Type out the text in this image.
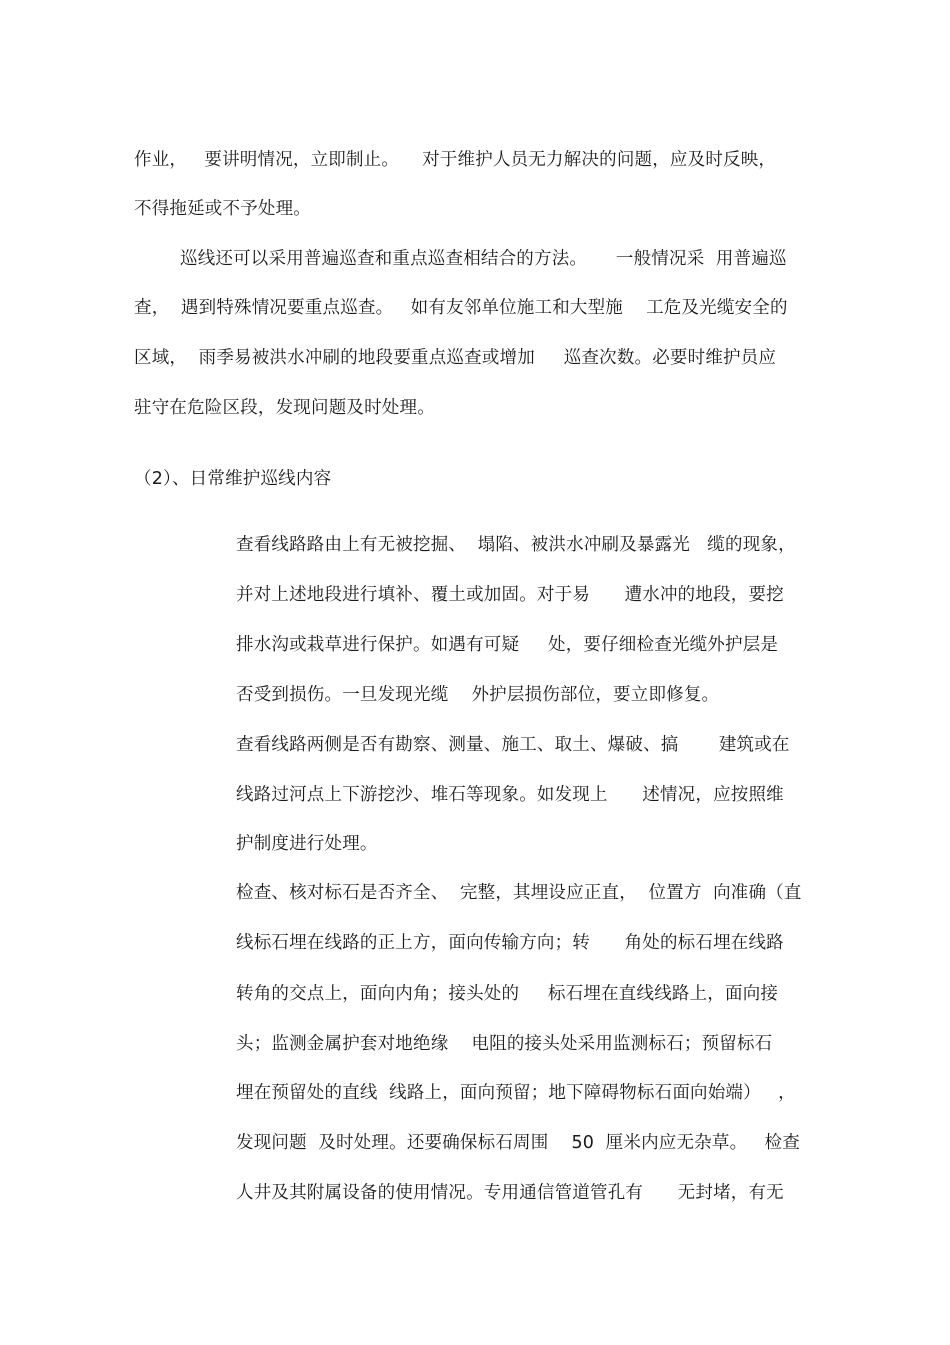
作业，   要讲明情况，立即制止。    对于维护人员无力解决的问题，应及时反映，
不得拖延或不予处理。
巡线还可以采用普遍巡查和重点巡查相结合的方法。     一般情况采  用普遍巡
查，  遇到特殊情况要重点巡查。   如有友邻单位施工和大型施    工危及光缆安全的
区域，  雨季易被洪水冲刷的地段要重点巡查或增加     巡查次数。必要时维护员应
驻守在危险区段，发现问题及时处理。
（2）、日常维护巡线内容
查看线路路由上有无被挖掘、  塌陷、被洪水冲刷及暴露光   缆的现象，
并对上述地段进行填补、覆土或加固。对于易      遭水冲的地段，要挖
排水沟或栽草进行保护。如遇有可疑     处，要仔细检查光缆外护层是
否受到损伤。一旦发现光缆    外护层损伤部位，要立即修复。
查看线路两侧是否有勘察、测量、施工、取土、爆破、搞       建筑或在
线路过河点上下游挖沙、堆石等现象。如发现上      述情况，应按照维
护制度进行处理。
检查、核对标石是否齐全、  完整，其埋设应正直，  位置方  向准确（直
线标石埋在线路的正上方，面向传输方向；转      角处的标石埋在线路
转角的交点上，面向内角；接头处的     标石埋在直线线路上，面向接
头；监测金属护套对地绝缘    电阻的接头处采用监测标石；预留标石
埋在预留处的直线  线路上，面向预留；地下障碍物标石面向始端）   ，
发现问题  及时处理。还要确保标石周围    50  厘米内应无杂草。   检查
人井及其附属设备的使用情况。专用通信管道管孔有      无封堵，有无
